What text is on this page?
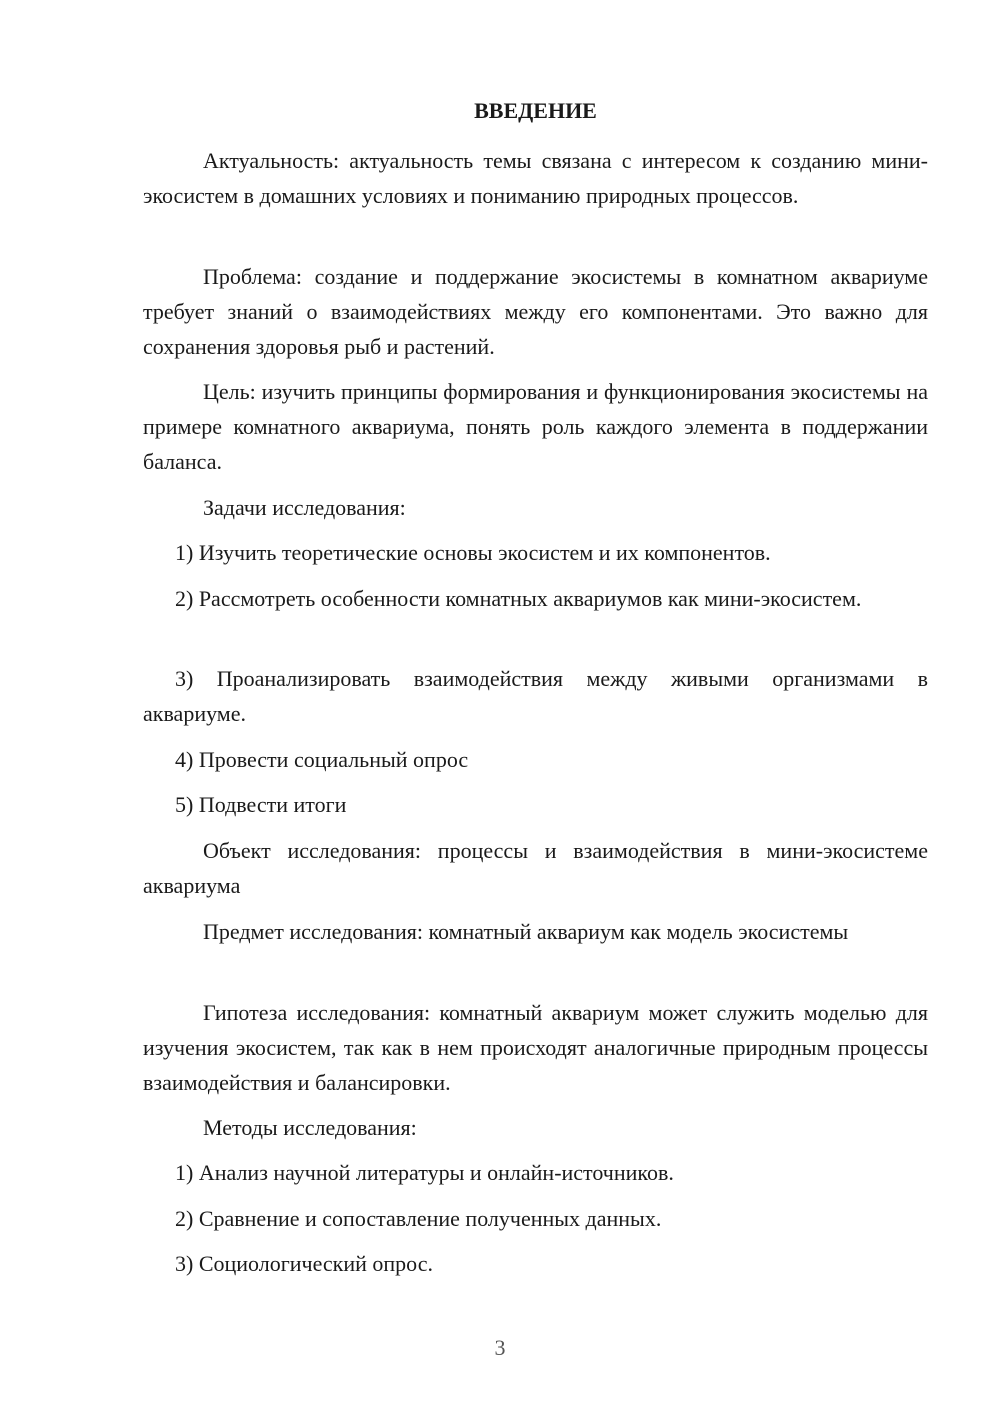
ВВЕДЕНИЕ

Актуальность: актуальность темы связана с интересом к созданию мини-экосистем в домашних условиях и пониманию природных процессов.

Проблема: создание и поддержание экосистемы в комнатном аквариуме требует знаний о взаимодействиях между его компонентами. Это важно для сохранения здоровья рыб и растений.

Цель: изучить принципы формирования и функционирования экосистемы на примере комнатного аквариума, понять роль каждого элемента в поддержании баланса.

Задачи исследования:

1) Изучить теоретические основы экосистем и их компонентов.

2) Рассмотреть особенности комнатных аквариумов как мини-экосистем.

3) Проанализировать взаимодействия между живыми организмами в аквариуме.

4) Провести социальный опрос

5) Подвести итоги

Объект исследования: процессы и взаимодействия в мини-экосистеме аквариума

Предмет исследования: комнатный аквариум как модель экосистемы

Гипотеза исследования: комнатный аквариум может служить моделью для изучения экосистем, так как в нем происходят аналогичные природным процессы взаимодействия и балансировки.

Методы исследования:

1) Анализ научной литературы и онлайн-источников.

2) Сравнение и сопоставление полученных данных.

3) Социологический опрос.

3
